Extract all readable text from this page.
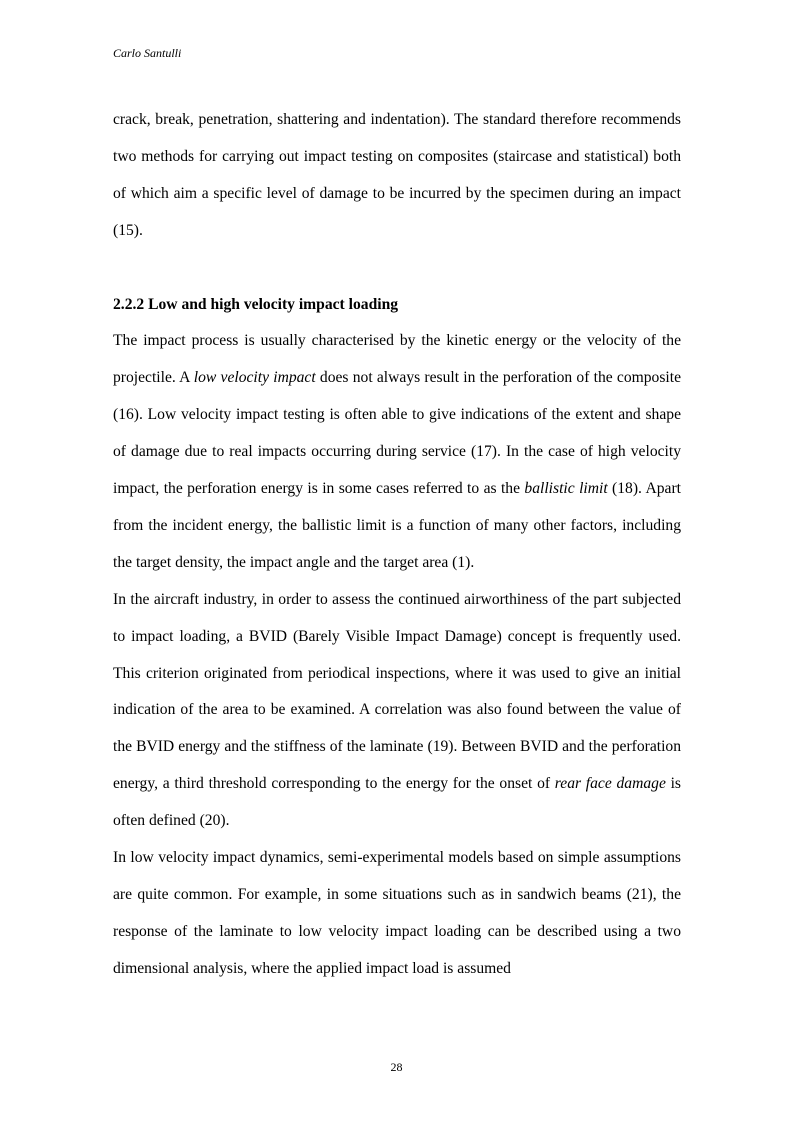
Carlo Santulli

crack, break, penetration, shattering and indentation). The standard therefore recommends two methods for carrying out impact testing on composites (staircase and statistical) both of which aim a specific level of damage to be incurred by the specimen during an impact (15).

2.2.2 Low and high velocity impact loading

The impact process is usually characterised by the kinetic energy or the velocity of the projectile. A low velocity impact does not always result in the perforation of the composite (16). Low velocity impact testing is often able to give indications of the extent and shape of damage due to real impacts occurring during service (17). In the case of high velocity impact, the perforation energy is in some cases referred to as the ballistic limit (18). Apart from the incident energy, the ballistic limit is a function of many other factors, including the target density, the impact angle and the target area (1).

In the aircraft industry, in order to assess the continued airworthiness of the part subjected to impact loading, a BVID (Barely Visible Impact Damage) concept is frequently used. This criterion originated from periodical inspections, where it was used to give an initial indication of the area to be examined. A correlation was also found between the value of the BVID energy and the stiffness of the laminate (19). Between BVID and the perforation energy, a third threshold corresponding to the energy for the onset of rear face damage is often defined (20).

In low velocity impact dynamics, semi-experimental models based on simple assumptions are quite common. For example, in some situations such as in sandwich beams (21), the response of the laminate to low velocity impact loading can be described using a two dimensional analysis, where the applied impact load is assumed

28
